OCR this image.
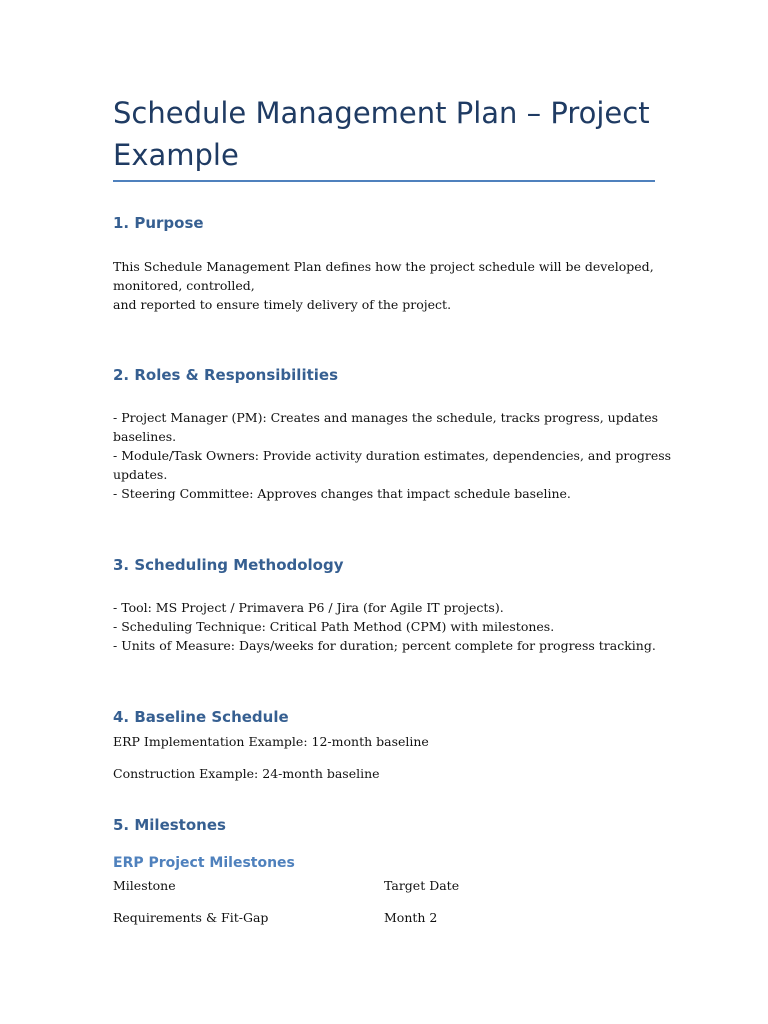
Schedule Management Plan – Project Example
1. Purpose
This Schedule Management Plan defines how the project schedule will be developed,
monitored, controlled,
and reported to ensure timely delivery of the project.
2. Roles & Responsibilities
- Project Manager (PM): Creates and manages the schedule, tracks progress, updates
baselines.
- Module/Task Owners: Provide activity duration estimates, dependencies, and progress
updates.
- Steering Committee: Approves changes that impact schedule baseline.
3. Scheduling Methodology
- Tool: MS Project / Primavera P6 / Jira (for Agile IT projects).
- Scheduling Technique: Critical Path Method (CPM) with milestones.
- Units of Measure: Days/weeks for duration; percent complete for progress tracking.
4. Baseline Schedule

ERP Implementation Example: 12-month baseline

Construction Example: 24-month baseline

5. Milestones
ERP Project Milestones

Milestone	Target Date

Requirements & Fit-Gap	Month 2
